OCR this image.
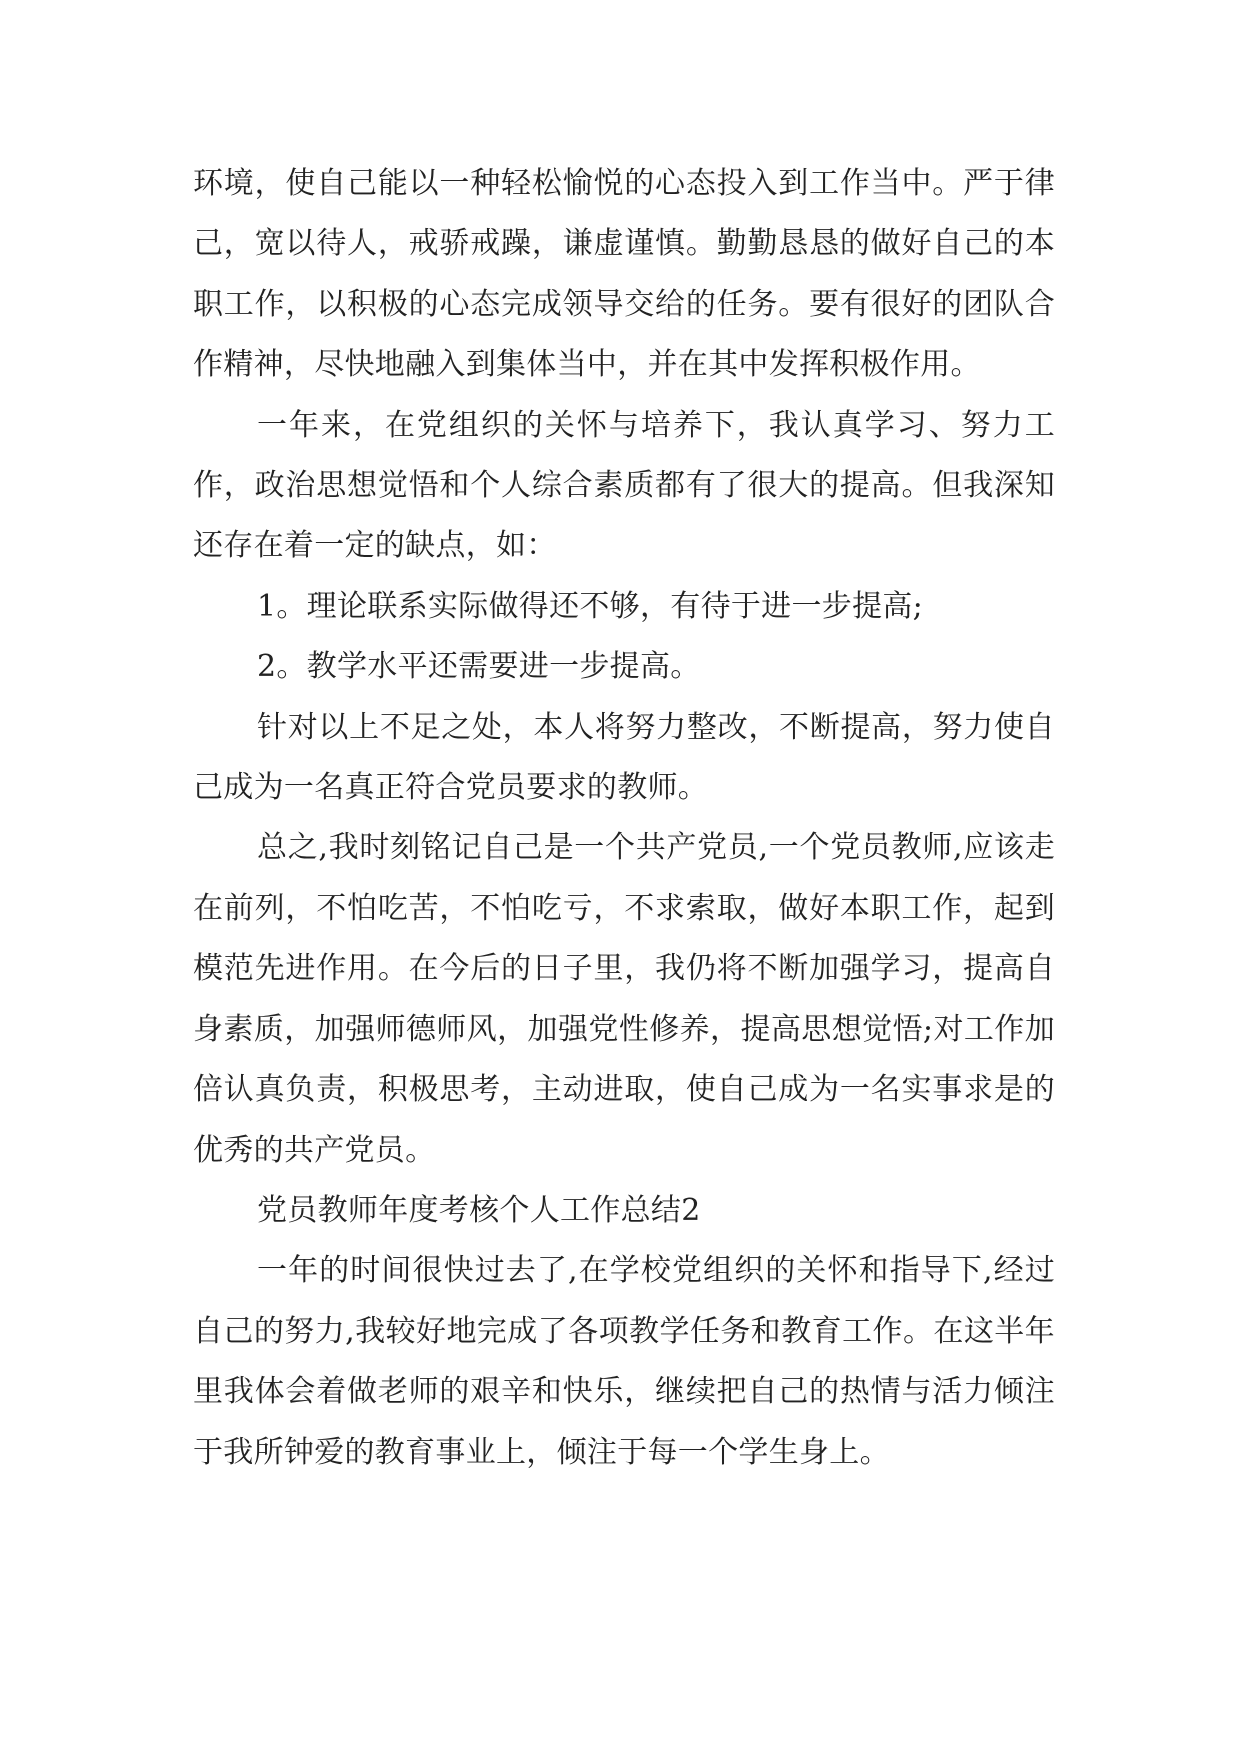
环境，使自己能以一种轻松愉悦的心态投入到工作当中。严于律己，宽以待人，戒骄戒躁，谦虚谨慎。勤勤恳恳的做好自己的本职工作，以积极的心态完成领导交给的任务。要有很好的团队合作精神，尽快地融入到集体当中，并在其中发挥积极作用。

一年来，在党组织的关怀与培养下，我认真学习、努力工作，政治思想觉悟和个人综合素质都有了很大的提高。但我深知还存在着一定的缺点，如：

1。理论联系实际做得还不够，有待于进一步提高;

2。教学水平还需要进一步提高。

针对以上不足之处，本人将努力整改，不断提高，努力使自己成为一名真正符合党员要求的教师。

总之,我时刻铭记自己是一个共产党员,一个党员教师,应该走在前列，不怕吃苦，不怕吃亏，不求索取，做好本职工作，起到模范先进作用。在今后的日子里，我仍将不断加强学习，提高自身素质，加强师德师风，加强党性修养，提高思想觉悟;对工作加倍认真负责，积极思考，主动进取，使自己成为一名实事求是的优秀的共产党员。

党员教师年度考核个人工作总结2

一年的时间很快过去了,在学校党组织的关怀和指导下,经过自己的努力,我较好地完成了各项教学任务和教育工作。在这半年里我体会着做老师的艰辛和快乐，继续把自己的热情与活力倾注于我所钟爱的教育事业上，倾注于每一个学生身上。
